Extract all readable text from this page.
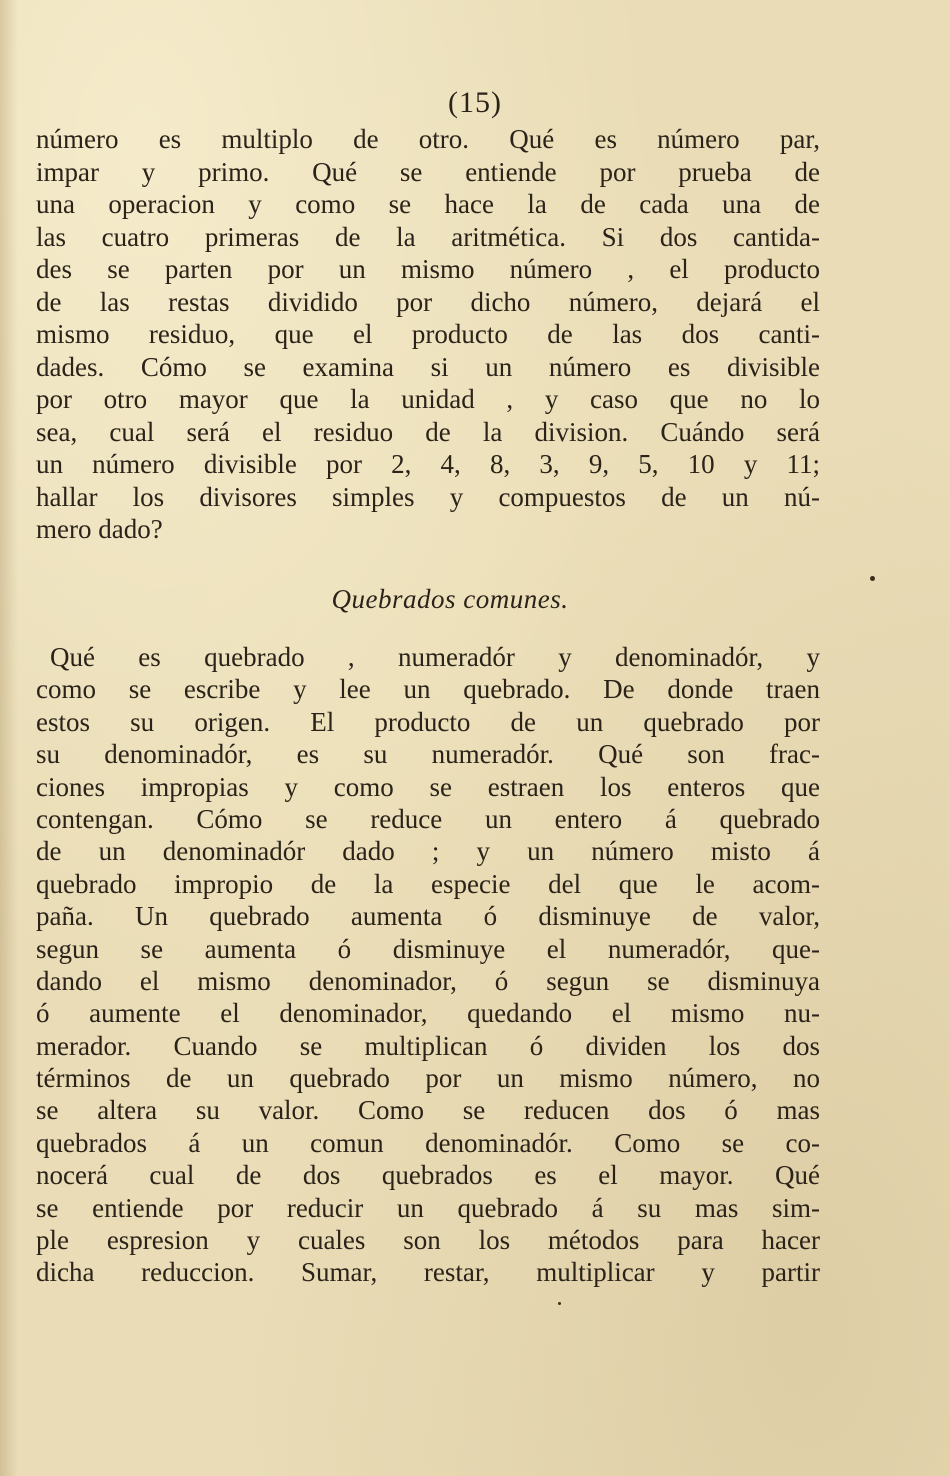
(15)
número es multiplo de otro. Qué es número par,
impar y primo. Qué se entiende por prueba de
una operacion y como se hace la de cada una de
las cuatro primeras de la aritmética. Si dos cantida-
des se parten por un mismo número , el producto
de las restas dividido por dicho número, dejará el
mismo residuo, que el producto de las dos canti-
dades. Cómo se examina si un número es divisible
por otro mayor que la unidad , y caso que no lo
sea, cual será el residuo de la division. Cuándo será
un número divisible por 2, 4, 8, 3, 9, 5, 10 y 11;
hallar los divisores simples y compuestos de un nú-
mero dado?
Quebrados comunes.
Qué es quebrado , numeradór y denominadór, y
como se escribe y lee un quebrado. De donde traen
estos su origen. El producto de un quebrado por
su denominadór, es su numeradór. Qué son frac-
ciones impropias y como se estraen los enteros que
contengan. Cómo se reduce un entero á quebrado
de un denominadór dado ; y un número misto á
quebrado impropio de la especie del que le acom-
paña. Un quebrado aumenta ó disminuye de valor,
segun se aumenta ó disminuye el numeradór, que-
dando el mismo denominador, ó segun se disminuya
ó aumente el denominador, quedando el mismo nu-
merador. Cuando se multiplican ó dividen los dos
términos de un quebrado por un mismo número, no
se altera su valor. Como se reducen dos ó mas
quebrados á un comun denominadór. Como se co-
nocerá cual de dos quebrados es el mayor. Qué
se entiende por reducir un quebrado á su mas sim-
ple espresion y cuales son los métodos para hacer
dicha reduccion. Sumar, restar, multiplicar y partir
